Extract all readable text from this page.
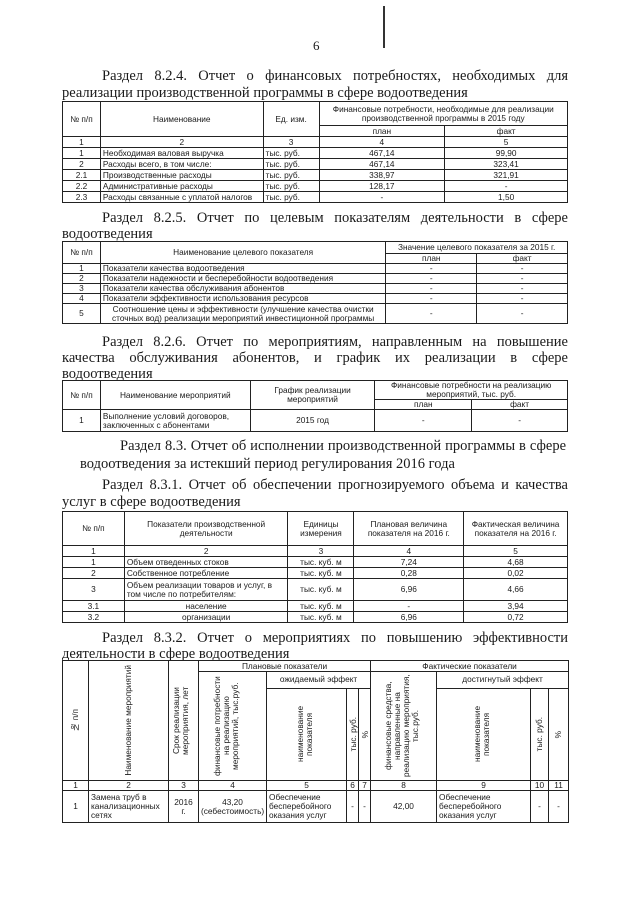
6
Раздел 8.2.4. Отчет о финансовых потребностях, необходимых для
реализации производственной программы в сфере водоотведения
№ п/п	Наименование	Ед. изм.	Финансовые потребности, необходимые для реализации производственной программы в 2015 году	
			план	факт
1	2	3	4	5
1	Необходимая валовая выручка	тыс. руб.	467,14	99,90
2	Расходы всего, в том числе:	тыс. руб.	467,14	323,41
2.1	Производственные расходы	тыс. руб.	338,97	321,91
2.2	Административные расходы	тыс. руб.	128,17	-
2.3	Расходы связанные с уплатой налогов	тыс. руб.	-	1,50
Раздел 8.2.5. Отчет по целевым показателям деятельности в сфере
водоотведения
№ п/п	Наименование целевого показателя	Значение целевого показателя за 2015 г.	
		план	факт
1	Показатели качества водоотведения	-	-
2	Показатели надежности и бесперебойности водоотведения	-	-
3	Показатели качества обслуживания абонентов	-	-
4	Показатели эффективности использования ресурсов	-	-
5	Соотношение цены и эффективности (улучшение качества очистки сточных вод) реализации мероприятий инвестиционной программы	-	-
Раздел 8.2.6. Отчет по мероприятиям, направленным на повышение
качества обслуживания абонентов, и график их реализации в сфере
водоотведения
№ п/п	Наименование мероприятий	График реализации мероприятий	Финансовые потребности на реализацию мероприятий, тыс. руб.	
			план	факт
1	Выполнение условий договоров, заключенных с абонентами	2015 год	-	-
Раздел 8.3. Отчет об исполнении производственной программы в сфере
водоотведения за истекший период регулирования 2016 года
Раздел 8.3.1. Отчет об обеспечении прогнозируемого объема и качества
услуг в сфере водоотведения
№ п/п	Показатели производственной деятельности	Единицы измерения	Плановая величина показателя на 2016 г.	Фактическая величина показателя на 2016 г.
1	2	3	4	5
1	Объем отведенных стоков	тыс. куб. м	7,24	4,68
2	Собственное потребление	тыс. куб. м	0,28	0,02
3	Объем реализации товаров и услуг, в том числе по потребителям:	тыс. куб. м	6,96	4,66
3.1	население	тыс. куб. м	-	3,94
3.2	организации	тыс. куб. м	6,96	0,72
Раздел 8.3.2. Отчет о мероприятиях по повышению эффективности
деятельности в сфере водоотведения
№ п/п	Наименование мероприятий	Срок реализации мероприятия, лет	Плановые показатели				Фактические показатели			

			финансовые потребности на реализацию мероприятий, тыс.руб.	ожидаемый эффект			финансовые средства, направленные на реализацию мероприятия, тыс.руб.	достигнутый эффект		

				наименование показателя	тыс. руб.	%		наименование показателя	тыс. руб.	%

1	2	3	4	5	6	7	8	9	10	11
1	Замена труб в канализационных сетях	2016 г.	43,20 (себестоимость)	Обеспечение бесперебойного оказания услуг	-	-	42,00	Обеспечение бесперебойного оказания услуг	-	-
